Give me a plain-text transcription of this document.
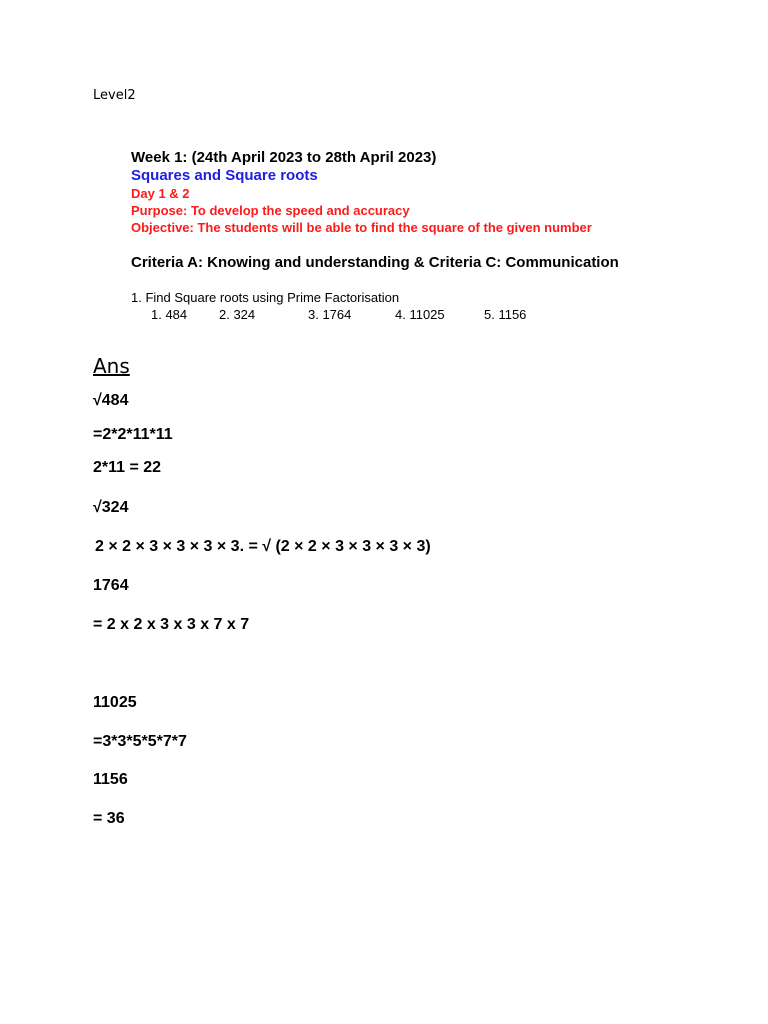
Level2
Week 1: (24th April 2023 to 28th April 2023)
Squares and Square roots
Day 1 & 2
Purpose: To develop the speed and accuracy
Objective: The students will be able to find the square of the given number
Criteria A: Knowing and understanding & Criteria C: Communication
1. Find Square roots using Prime Factorisation
1. 484 2. 324	3. 1764	4. 11025	5. 1156
Ans
√484
=2*2*11*11
2*11 = 22
√324
2 × 2 × 3 × 3 × 3 × 3. = √ (2 × 2 × 3 × 3 × 3 × 3)
1764
= 2 x 2 x 3 x 3 x 7 x 7
11025
=3*3*5*5*7*7
1156
= 36
